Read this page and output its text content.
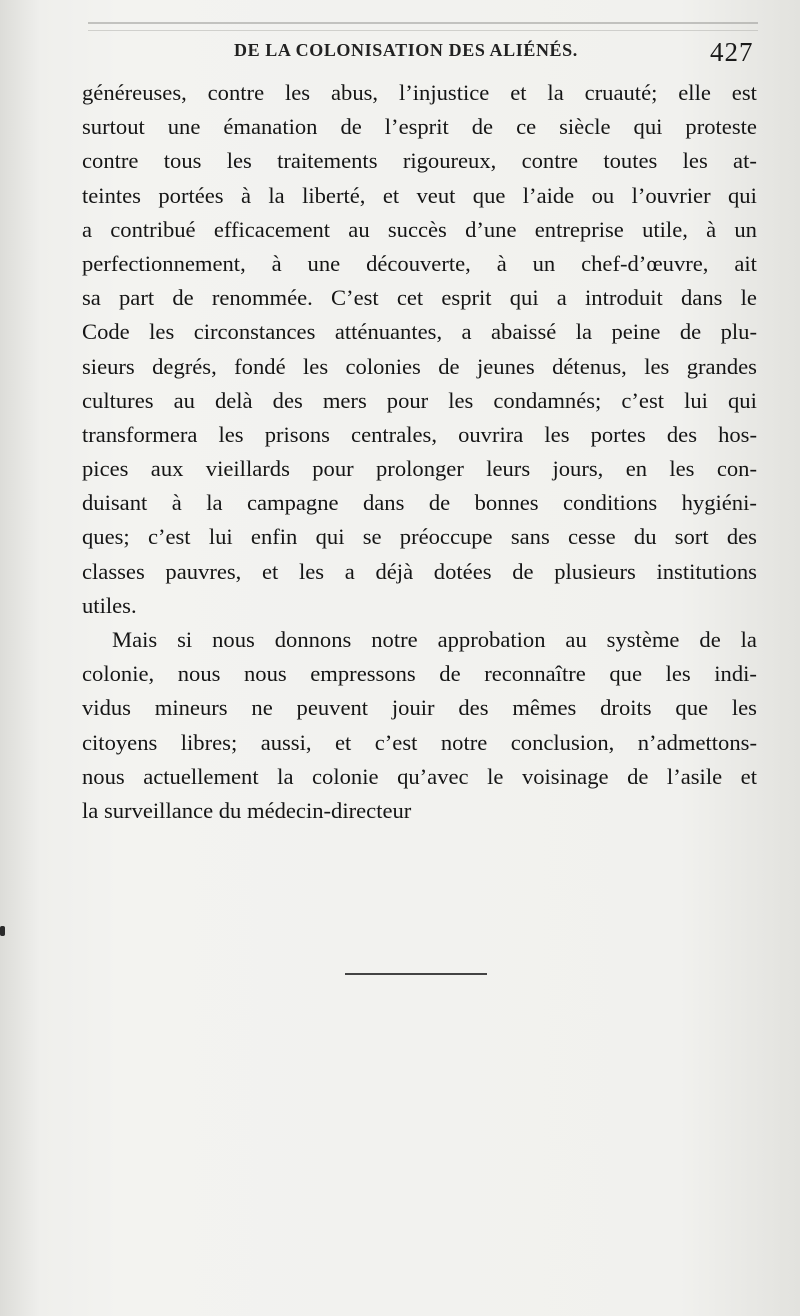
DE LA COLONISATION DES ALIÉNÉS.	427

généreuses, contre les abus, l’injustice et la cruauté; elle est
surtout une émanation de l’esprit de ce siècle qui proteste
contre tous les traitements rigoureux, contre toutes les at-
teintes portées à la liberté, et veut que l’aide ou l’ouvrier qui
a contribué efficacement au succès d’une entreprise utile, à un
perfectionnement, à une découverte, à un chef-d’œuvre, ait
sa part de renommée. C’est cet esprit qui a introduit dans le
Code les circonstances atténuantes, a abaissé la peine de plu-
sieurs degrés, fondé les colonies de jeunes détenus, les grandes
cultures au delà des mers pour les condamnés; c’est lui qui
transformera les prisons centrales, ouvrira les portes des hos-
pices aux vieillards pour prolonger leurs jours, en les con-
duisant à la campagne dans de bonnes conditions hygiéni-
ques; c’est lui enfin qui se préoccupe sans cesse du sort des
classes pauvres, et les a déjà dotées de plusieurs institutions
utiles.
Mais si nous donnons notre approbation au système de la
colonie, nous nous empressons de reconnaître que les indi-
vidus mineurs ne peuvent jouir des mêmes droits que les
citoyens libres; aussi, et c’est notre conclusion, n’admettons-
nous actuellement la colonie qu’avec le voisinage de l’asile et
la surveillance du médecin-directeur
